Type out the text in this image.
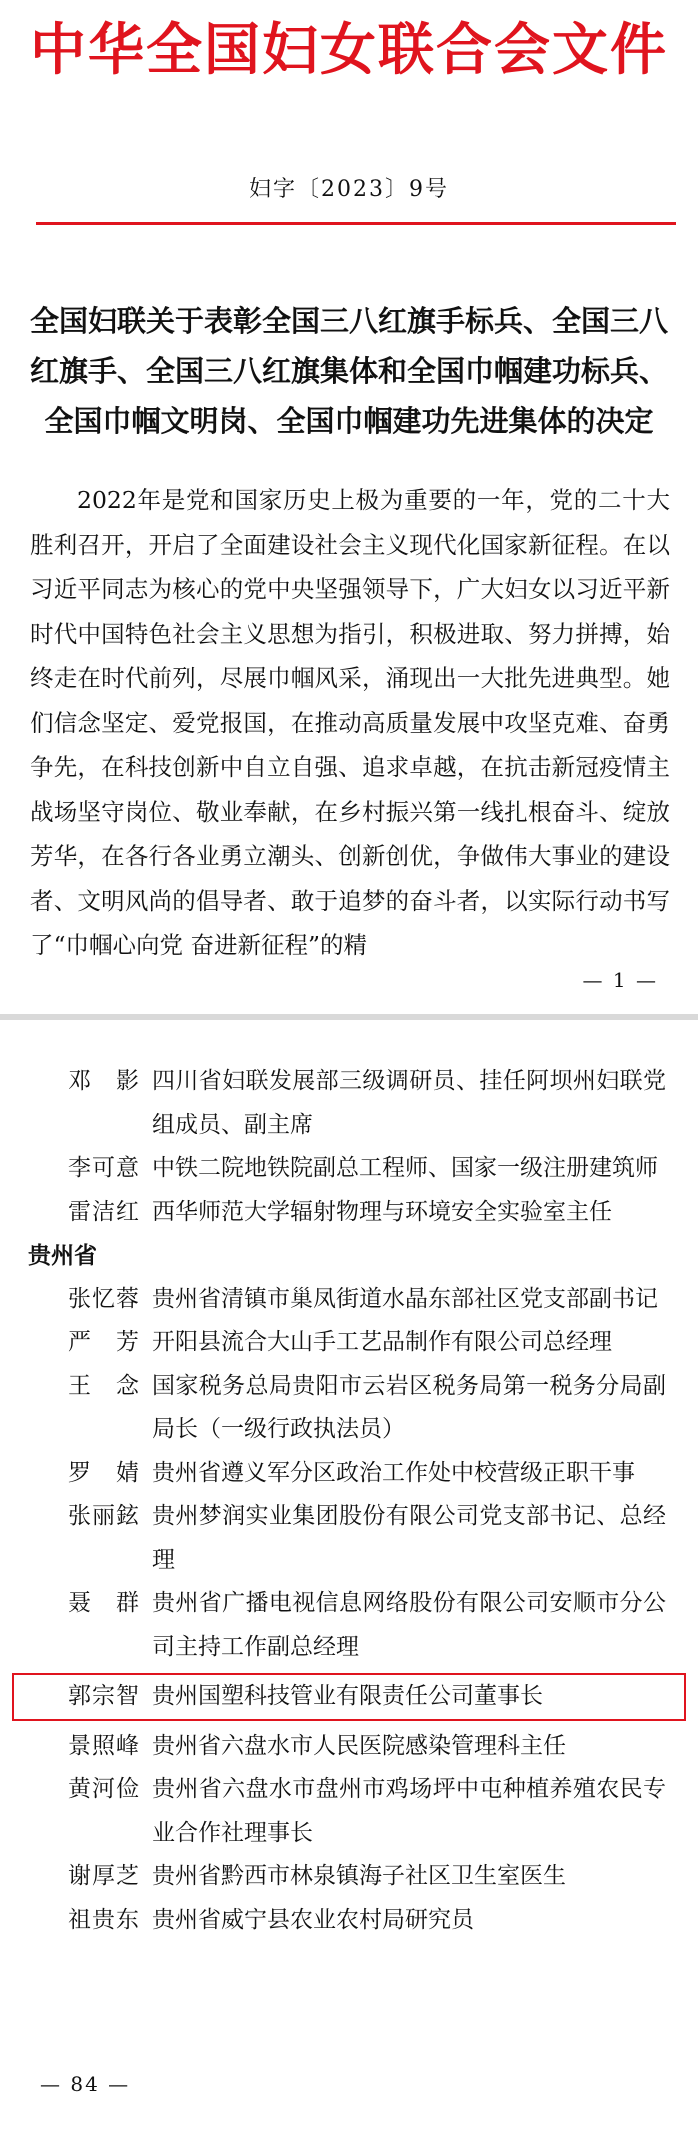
中华全国妇女联合会文件
妇字〔2023〕9号
全国妇联关于表彰全国三八红旗手标兵、全国三八
红旗手、全国三八红旗集体和全国巾帼建功标兵、
全国巾帼文明岗、全国巾帼建功先进集体的决定
2022年是党和国家历史上极为重要的一年，党的二十大胜利召开，开启了全面建设社会主义现代化国家新征程。在以习近平同志为核心的党中央坚强领导下，广大妇女以习近平新时代中国特色社会主义思想为指引，积极进取、努力拼搏，始终走在时代前列，尽展巾帼风采，涌现出一大批先进典型。她们信念坚定、爱党报国，在推动高质量发展中攻坚克难、奋勇争先，在科技创新中自立自强、追求卓越，在抗击新冠疫情主战场坚守岗位、敬业奉献，在乡村振兴第一线扎根奋斗、绽放芳华，在各行各业勇立潮头、创新创优，争做伟大事业的建设者、文明风尚的倡导者、敢于追梦的奋斗者，以实际行动书写了“巾帼心向党 奋进新征程”的精
— 1 —
邓　影 四川省妇联发展部三级调研员、挂任阿坝州妇联党组成员、副主席
李可意 中铁二院地铁院副总工程师、国家一级注册建筑师
雷洁红 西华师范大学辐射物理与环境安全实验室主任
贵州省
张忆蓉 贵州省清镇市巢凤街道水晶东部社区党支部副书记
严　芳 开阳县流合大山手工艺品制作有限公司总经理
王　念 国家税务总局贵阳市云岩区税务局第一税务分局副局长（一级行政执法员）
罗　婧 贵州省遵义军分区政治工作处中校营级正职干事
张丽鉉 贵州梦润实业集团股份有限公司党支部书记、总经理
聂　群 贵州省广播电视信息网络股份有限公司安顺市分公司主持工作副总经理
郭宗智 贵州国塑科技管业有限责任公司董事长
景照峰 贵州省六盘水市人民医院感染管理科主任
黄河俭 贵州省六盘水市盘州市鸡场坪中屯种植养殖农民专业合作社理事长
谢厚芝 贵州省黔西市林泉镇海子社区卫生室医生
祖贵东 贵州省威宁县农业农村局研究员
— 84 —
